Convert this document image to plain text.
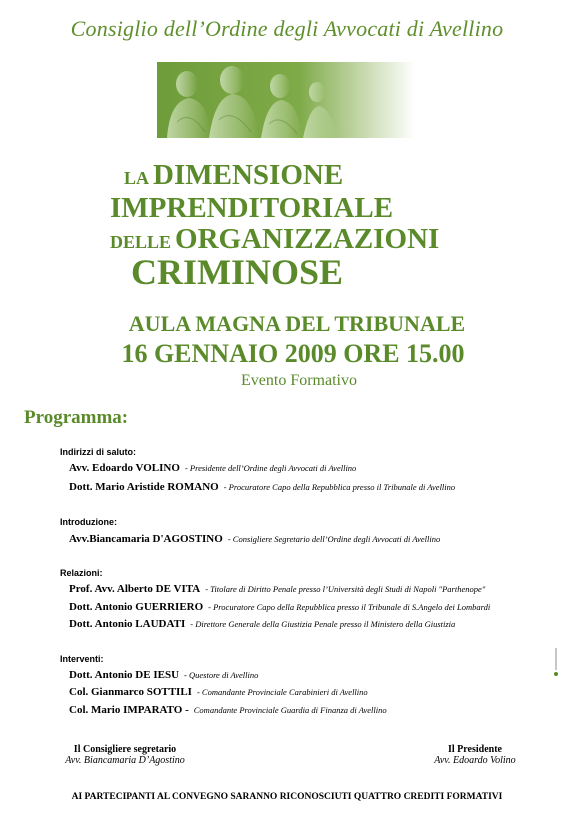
Consiglio dell’Ordine degli Avvocati di Avellino
LA DIMENSIONE
IMPRENDITORIALE
DELLE ORGANIZZAZIONI
CRIMINOSE
AULA MAGNA DEL TRIBUNALE
16 GENNAIO 2009 ORE 15.00
Evento Formativo
Programma:
Indirizzi di saluto:
Avv. Edoardo VOLINO - Presidente dell’Ordine degli Avvocati di Avellino
Dott. Mario Aristide ROMANO - Procuratore Capo della Repubblica presso il Tribunale di Avellino
Introduzione:
Avv.Biancamaria D'AGOSTINO - Consigliere Segretario dell’Ordine degli Avvocati di Avellino
Relazioni:
Prof. Avv. Alberto DE VITA - Titolare di Diritto Penale presso l’Università degli Studi di Napoli "Parthenope"
Dott. Antonio GUERRIERO - Procuratore Capo della Repubblica presso il Tribunale di S.Angelo dei Lombardi
Dott. Antonio LAUDATI - Direttore Generale della Giustizia Penale presso il Ministero della Giustizia
Interventi:
Dott. Antonio DE IESU - Questore di Avellino
Col. Gianmarco SOTTILI - Comandante Provinciale Carabinieri di Avellino
Col. Mario IMPARATO - Comandante Provinciale Guardia di Finanza di Avellino
Il Consigliere segretario
Avv. Biancamaria D’Agostino
Il Presidente
Avv. Edoardo Volino
AI PARTECIPANTI AL CONVEGNO SARANNO RICONOSCIUTI QUATTRO CREDITI FORMATIVI
